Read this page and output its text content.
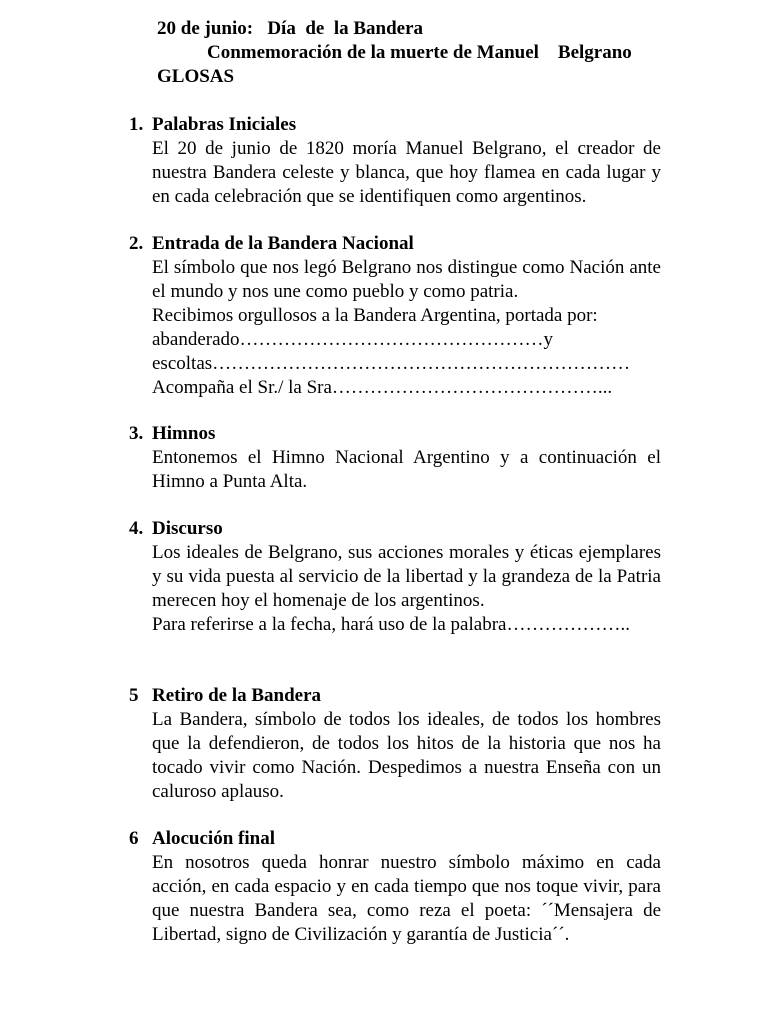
20 de junio:   Día  de  la Bandera
Conmemoración de la muerte de Manuel    Belgrano
GLOSAS
1. Palabras Iniciales

El 20 de junio de 1820 moría Manuel Belgrano, el creador de nuestra Bandera celeste y blanca, que hoy flamea en cada lugar y en cada celebración que se identifiquen como argentinos.

2. Entrada de la Bandera Nacional

El símbolo que nos legó Belgrano nos distingue como Nación ante el mundo y nos une como pueblo y como patria.

Recibimos orgullosos a la Bandera Argentina, portada por:

abanderado…………………………………………y

escoltas…………………………………………………………

Acompaña el Sr./ la Sra……………………………………...

3. Himnos

Entonemos el Himno Nacional Argentino y a continuación el Himno a Punta Alta.

4. Discurso

Los ideales de Belgrano, sus acciones morales y éticas ejemplares y su vida puesta al servicio de la libertad y la grandeza de la Patria merecen hoy el homenaje de los argentinos.

Para referirse a la fecha, hará uso de la palabra………………..

5 Retiro de la Bandera

La Bandera, símbolo de todos los ideales, de todos los hombres que la defendieron, de todos los hitos de la historia que nos ha tocado vivir como Nación. Despedimos a nuestra Enseña con un caluroso aplauso.

6 Alocución final

En nosotros queda honrar nuestro símbolo máximo en cada acción, en cada espacio y en cada tiempo que nos toque vivir, para que nuestra Bandera sea, como reza el poeta: ´´Mensajera de Libertad, signo de Civilización y garantía de Justicia´´.
